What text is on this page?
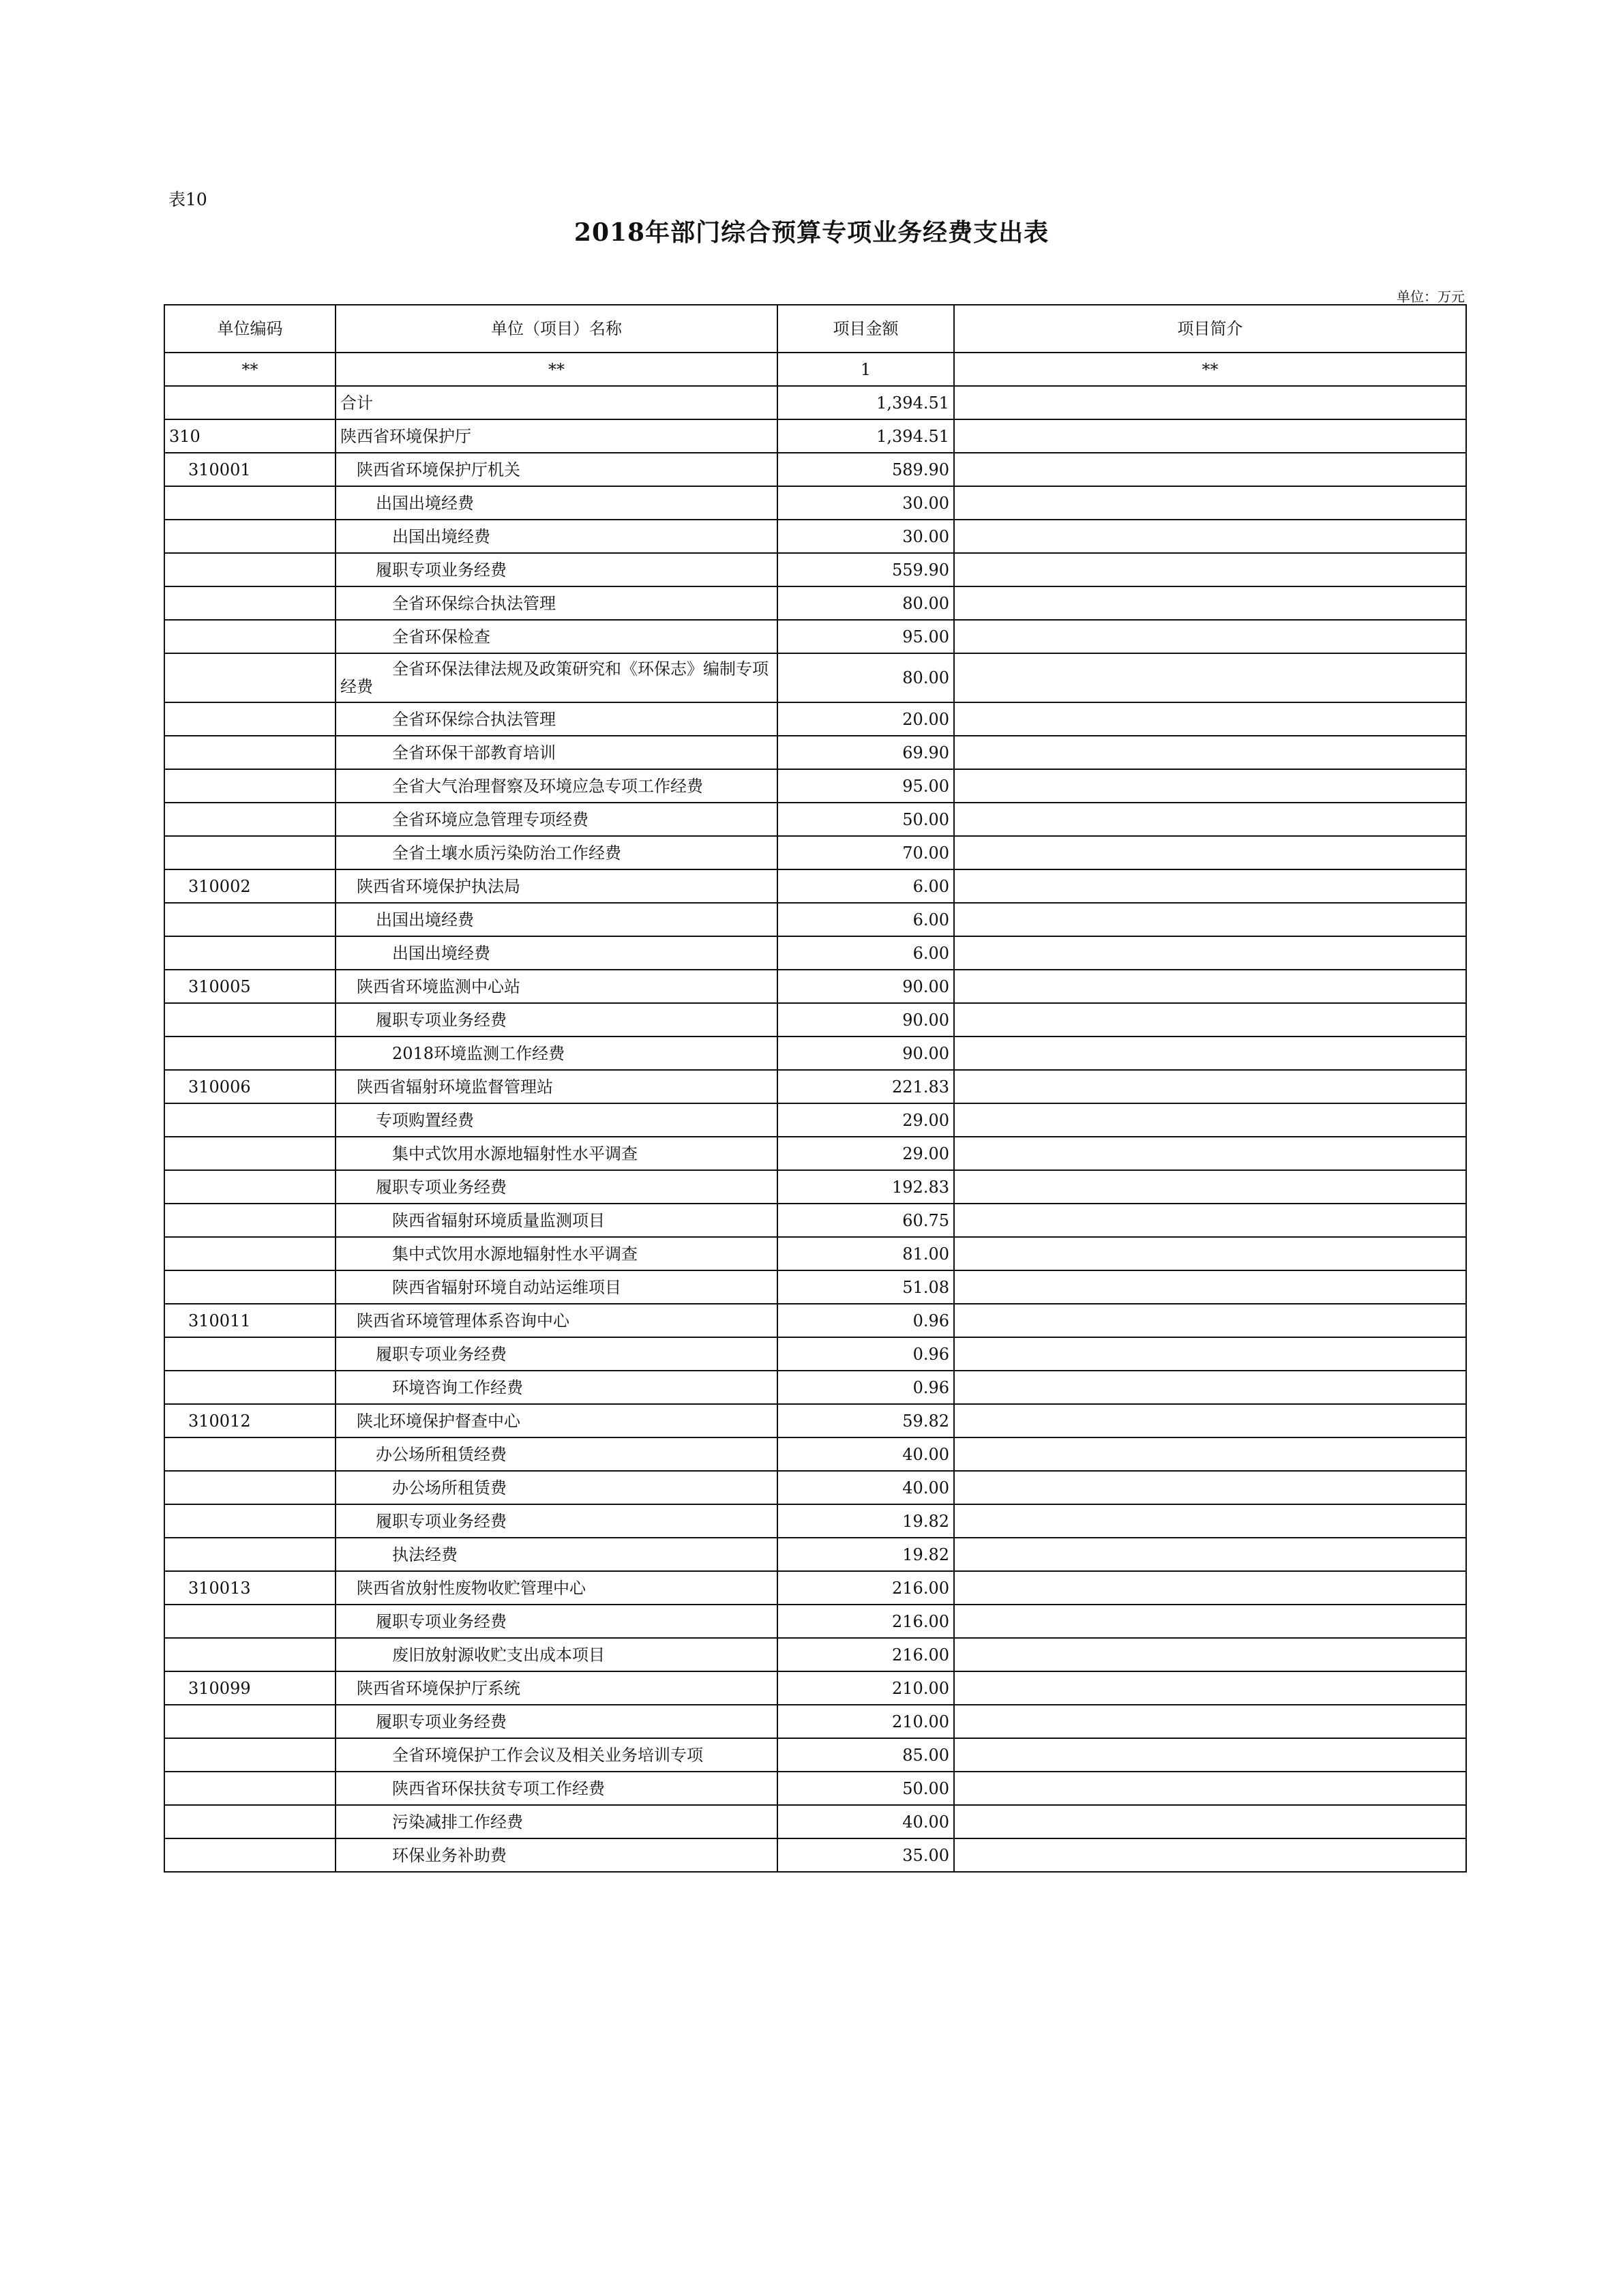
表10
2018年部门综合预算专项业务经费支出表
单位：万元
单位编码	单位（项目）名称	项目金额	项目简介
**	**	1	**
	合计	1,394.51	
310	陕西省环境保护厅	1,394.51	
310001	陕西省环境保护厅机关	589.90	
	出国出境经费	30.00	
	出国出境经费	30.00	
	履职专项业务经费	559.90	
	全省环保综合执法管理	80.00	
	全省环保检查	95.00	
	全省环保法律法规及政策研究和《环保志》编制专项经费	80.00	
	全省环保综合执法管理	20.00	
	全省环保干部教育培训	69.90	
	全省大气治理督察及环境应急专项工作经费	95.00	
	全省环境应急管理专项经费	50.00	
	全省土壤水质污染防治工作经费	70.00	
310002	陕西省环境保护执法局	6.00	
	出国出境经费	6.00	
	出国出境经费	6.00	
310005	陕西省环境监测中心站	90.00	
	履职专项业务经费	90.00	
	2018环境监测工作经费	90.00	
310006	陕西省辐射环境监督管理站	221.83	
	专项购置经费	29.00	
	集中式饮用水源地辐射性水平调查	29.00	
	履职专项业务经费	192.83	
	陕西省辐射环境质量监测项目	60.75	
	集中式饮用水源地辐射性水平调查	81.00	
	陕西省辐射环境自动站运维项目	51.08	
310011	陕西省环境管理体系咨询中心	0.96	
	履职专项业务经费	0.96	
	环境咨询工作经费	0.96	
310012	陕北环境保护督查中心	59.82	
	办公场所租赁经费	40.00	
	办公场所租赁费	40.00	
	履职专项业务经费	19.82	
	执法经费	19.82	
310013	陕西省放射性废物收贮管理中心	216.00	
	履职专项业务经费	216.00	
	废旧放射源收贮支出成本项目	216.00	
310099	陕西省环境保护厅系统	210.00	
	履职专项业务经费	210.00	
	全省环境保护工作会议及相关业务培训专项	85.00	
	陕西省环保扶贫专项工作经费	50.00	
	污染减排工作经费	40.00	
	环保业务补助费	35.00	
